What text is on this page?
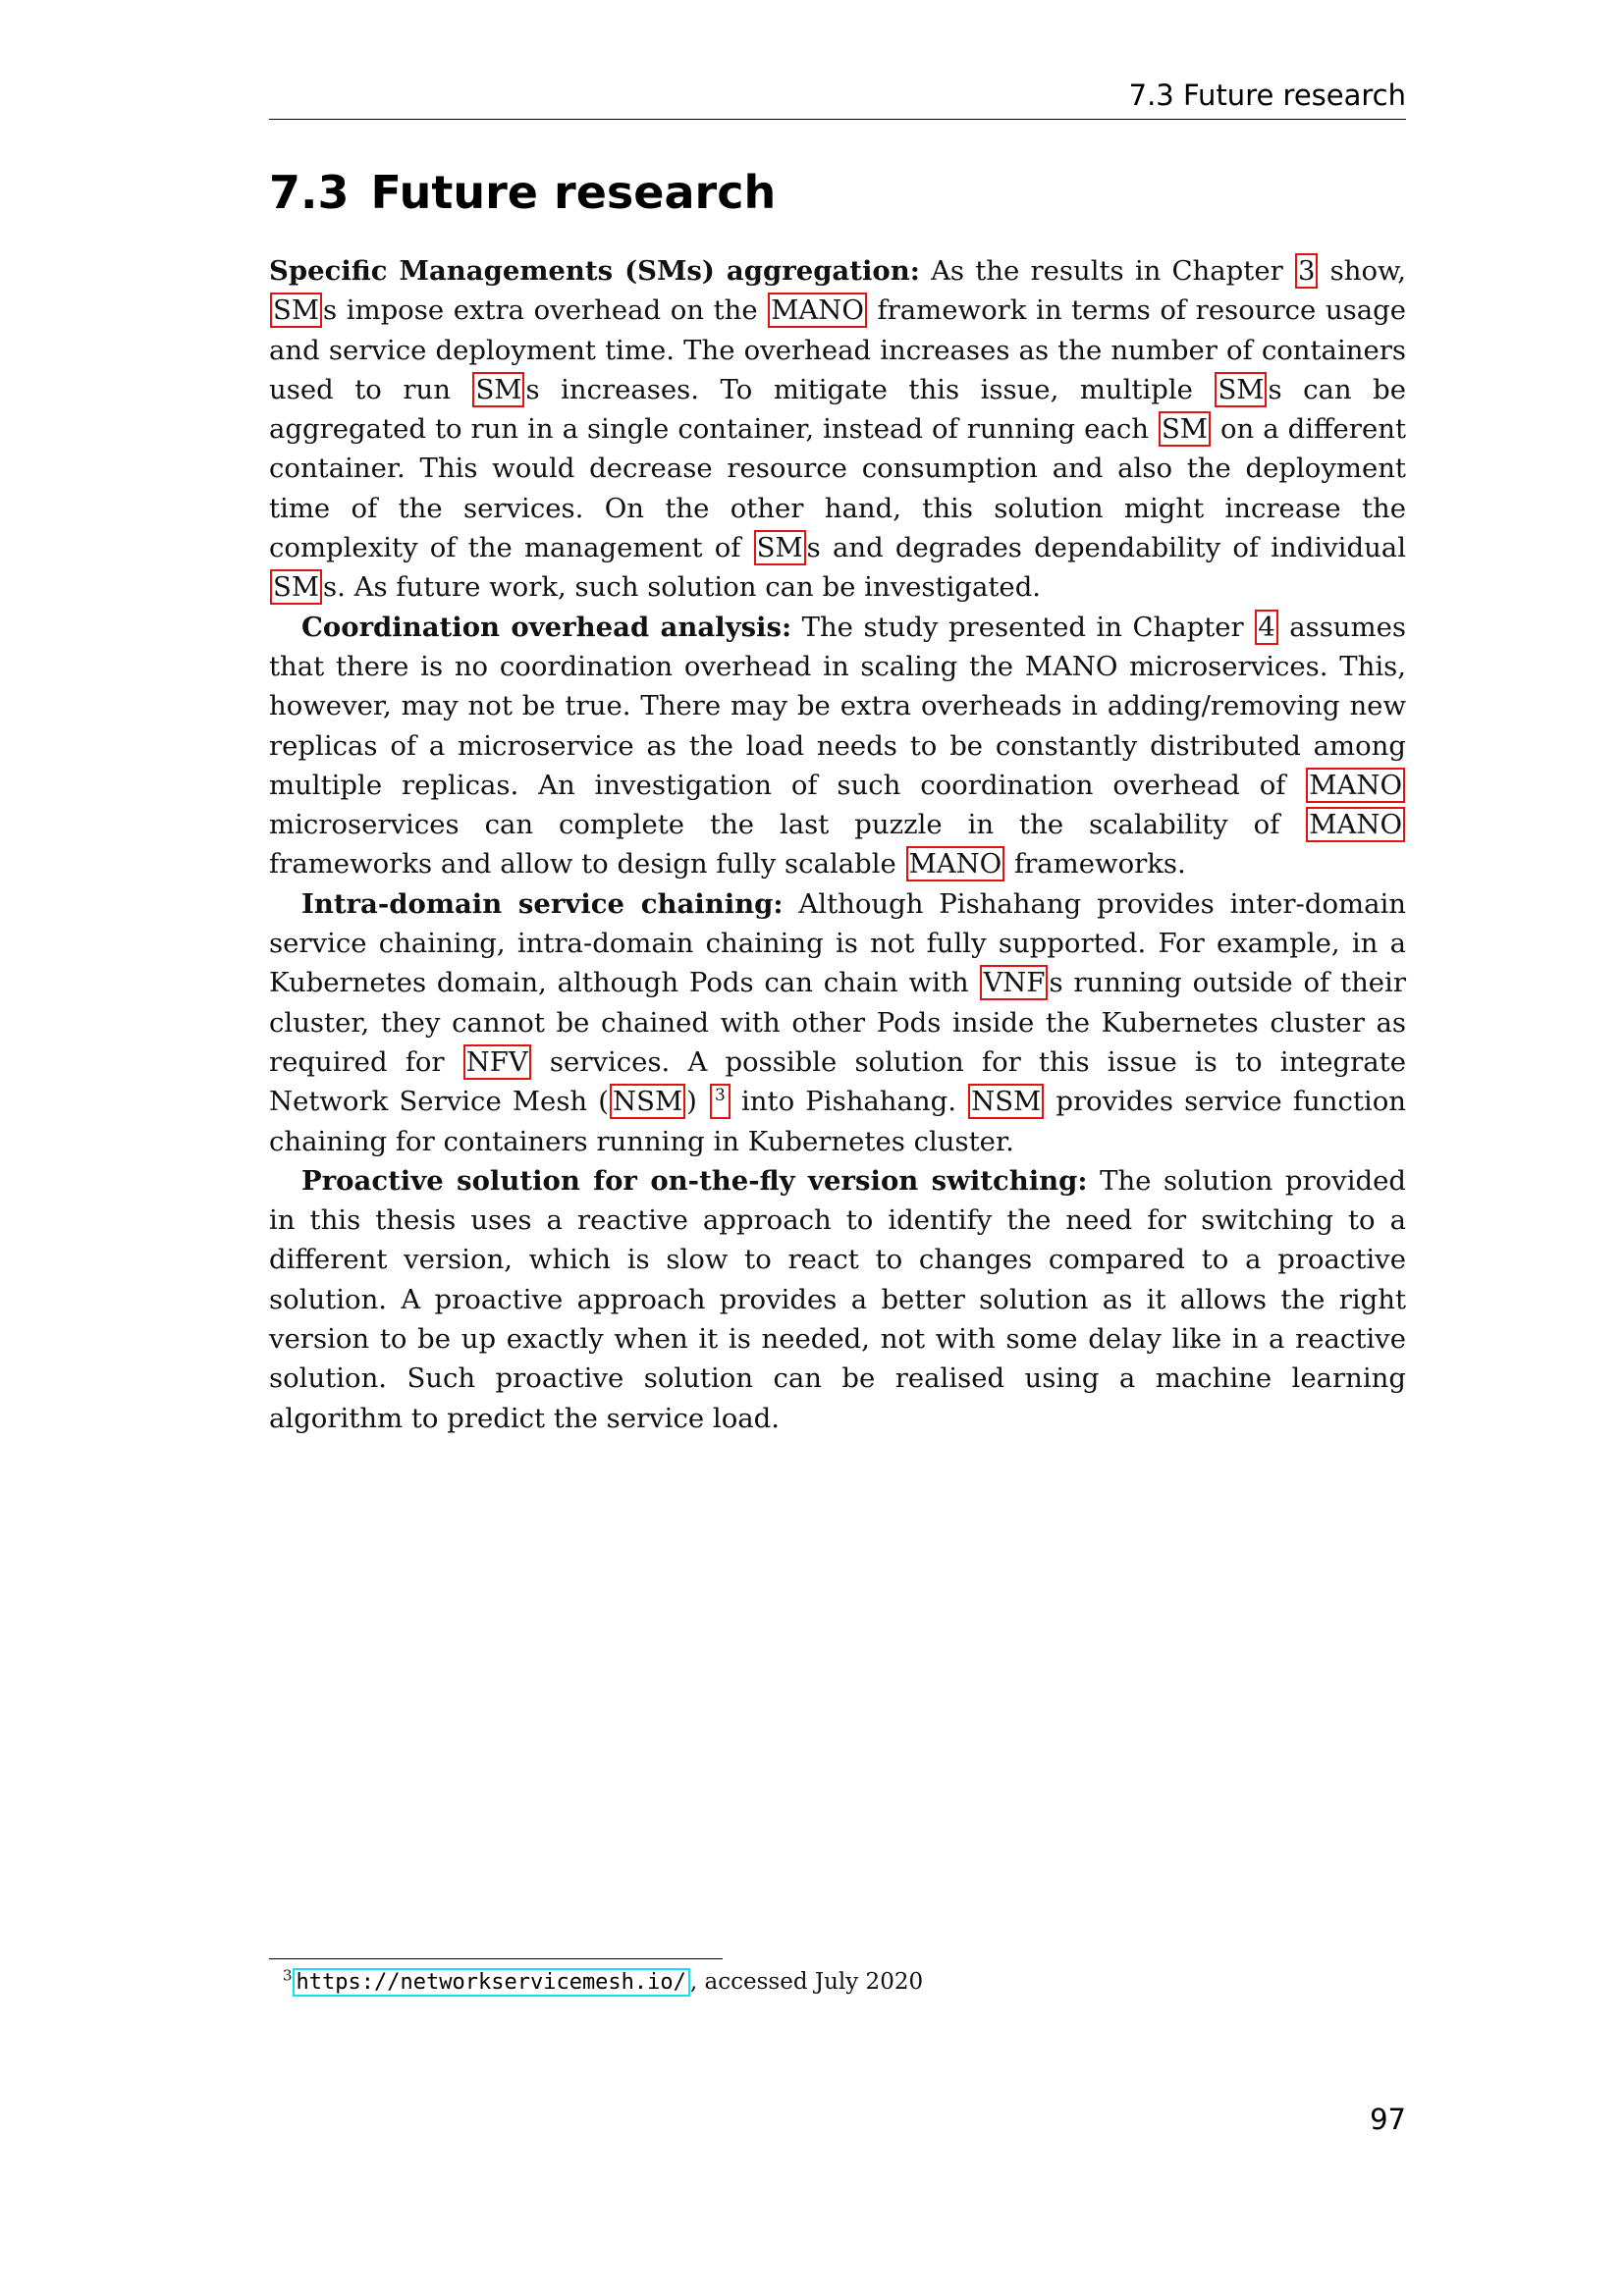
7.3 Future research
7.3 Future research

Specific Managements (SMs) aggregation: As the results in Chapter 3 show, SM s impose extra overhead on the MANO framework in terms of resource usage and service deployment time. The overhead increases as the number of containers used to run SM s increases. To mitigate this issue, multiple SM s can be aggregated to run in a single container, instead of running each SM on a different container. This would decrease resource consumption and also the deployment time of the services. On the other hand, this solution might increase the complexity of the management of SM s and degrades dependability of individual SM s. As future work, such solution can be investigated.

Coordination overhead analysis: The study presented in Chapter 4 assumes that there is no coordination overhead in scaling the MANO microservices. This, however, may not be true. There may be extra overheads in adding/removing new replicas of a microservice as the load needs to be constantly distributed among multiple replicas. An investigation of such coordination overhead of MANO microservices can complete the last puzzle in the scalability of MANO frameworks and allow to design fully scalable MANO frameworks.

Intra-domain service chaining: Although Pishahang provides inter-domain service chaining, intra-domain chaining is not fully supported. For example, in a Kubernetes domain, although Pods can chain with VNF s running outside of their cluster, they cannot be chained with other Pods inside the Kubernetes cluster as required for NFV services. A possible solution for this issue is to integrate Network Service Mesh ( NSM ) $^3$ into Pishahang. NSM provides service function chaining for containers running in Kubernetes cluster.

Proactive solution for on-the-fly version switching: The solution provided in this thesis uses a reactive approach to identify the need for switching to a different version, which is slow to react to changes compared to a proactive solution. A proactive approach provides a better solution as it allows the right version to be up exactly when it is needed, not with some delay like in a reactive solution. Such proactive solution can be realised using a machine learning algorithm to predict the service load.

$^3$ https://networkservicemesh.io/ , accessed July 2020
97
